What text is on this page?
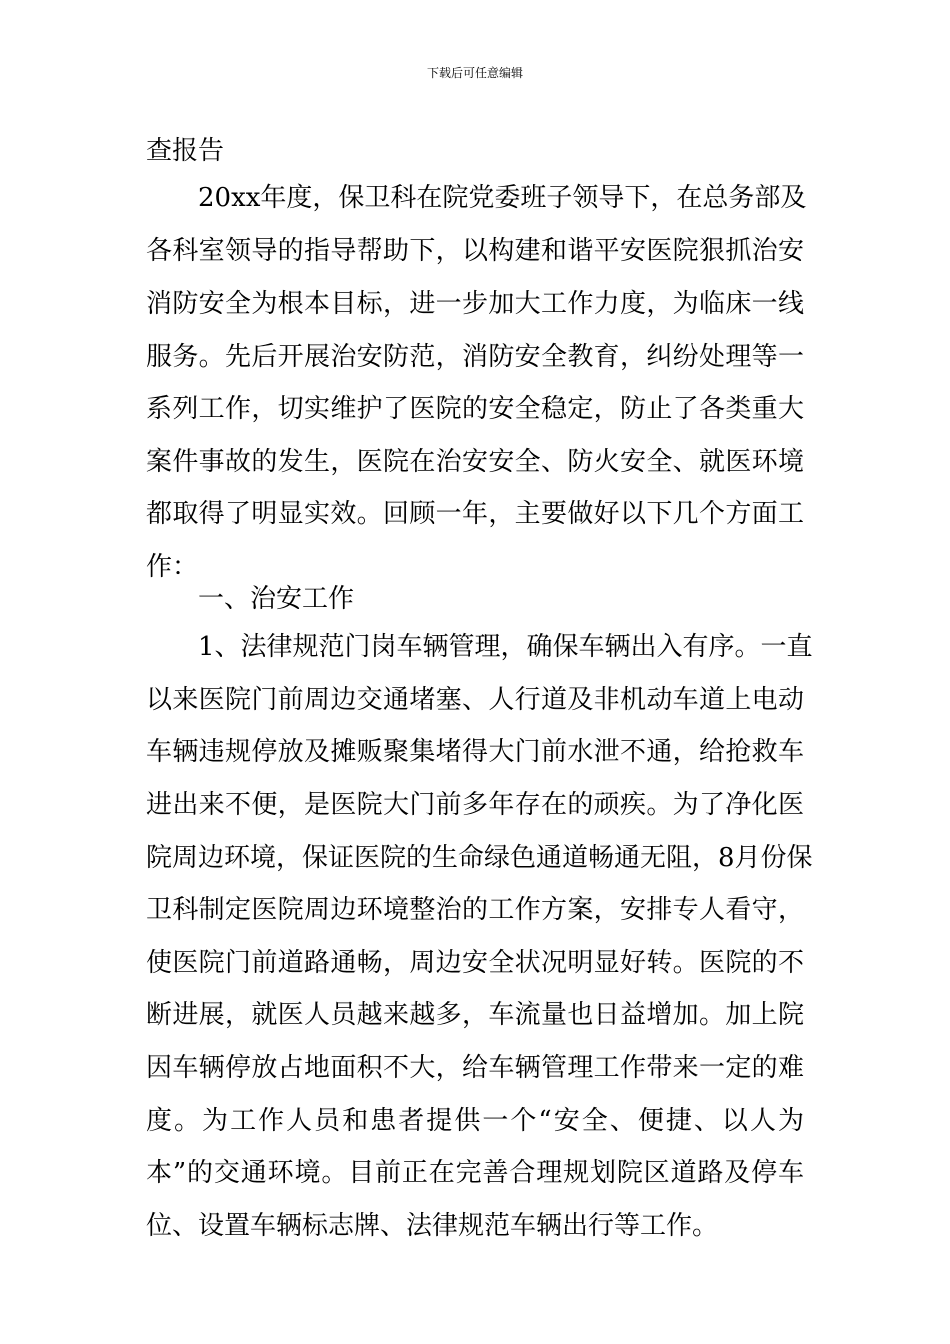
下载后可任意编辑
查报告
20xx年度，保卫科在院党委班子领导下，在总务部及
各科室领导的指导帮助下，以构建和谐平安医院狠抓治安
消防安全为根本目标，进一步加大工作力度，为临床一线
服务。先后开展治安防范，消防安全教育，纠纷处理等一
系列工作，切实维护了医院的安全稳定，防止了各类重大
案件事故的发生，医院在治安安全、防火安全、就医环境
都取得了明显实效。回顾一年，主要做好以下几个方面工
作：
一、治安工作
1、法律规范门岗车辆管理，确保车辆出入有序。一直
以来医院门前周边交通堵塞、人行道及非机动车道上电动
车辆违规停放及摊贩聚集堵得大门前水泄不通，给抢救车
进出来不便，是医院大门前多年存在的顽疾。为了净化医
院周边环境，保证医院的生命绿色通道畅通无阻，8月份保
卫科制定医院周边环境整治的工作方案，安排专人看守，
使医院门前道路通畅，周边安全状况明显好转。医院的不
断进展，就医人员越来越多，车流量也日益增加。加上院
因车辆停放占地面积不大，给车辆管理工作带来一定的难
度。为工作人员和患者提供一个“安全、便捷、以人为
本”的交通环境。目前正在完善合理规划院区道路及停车
位、设置车辆标志牌、法律规范车辆出行等工作。
